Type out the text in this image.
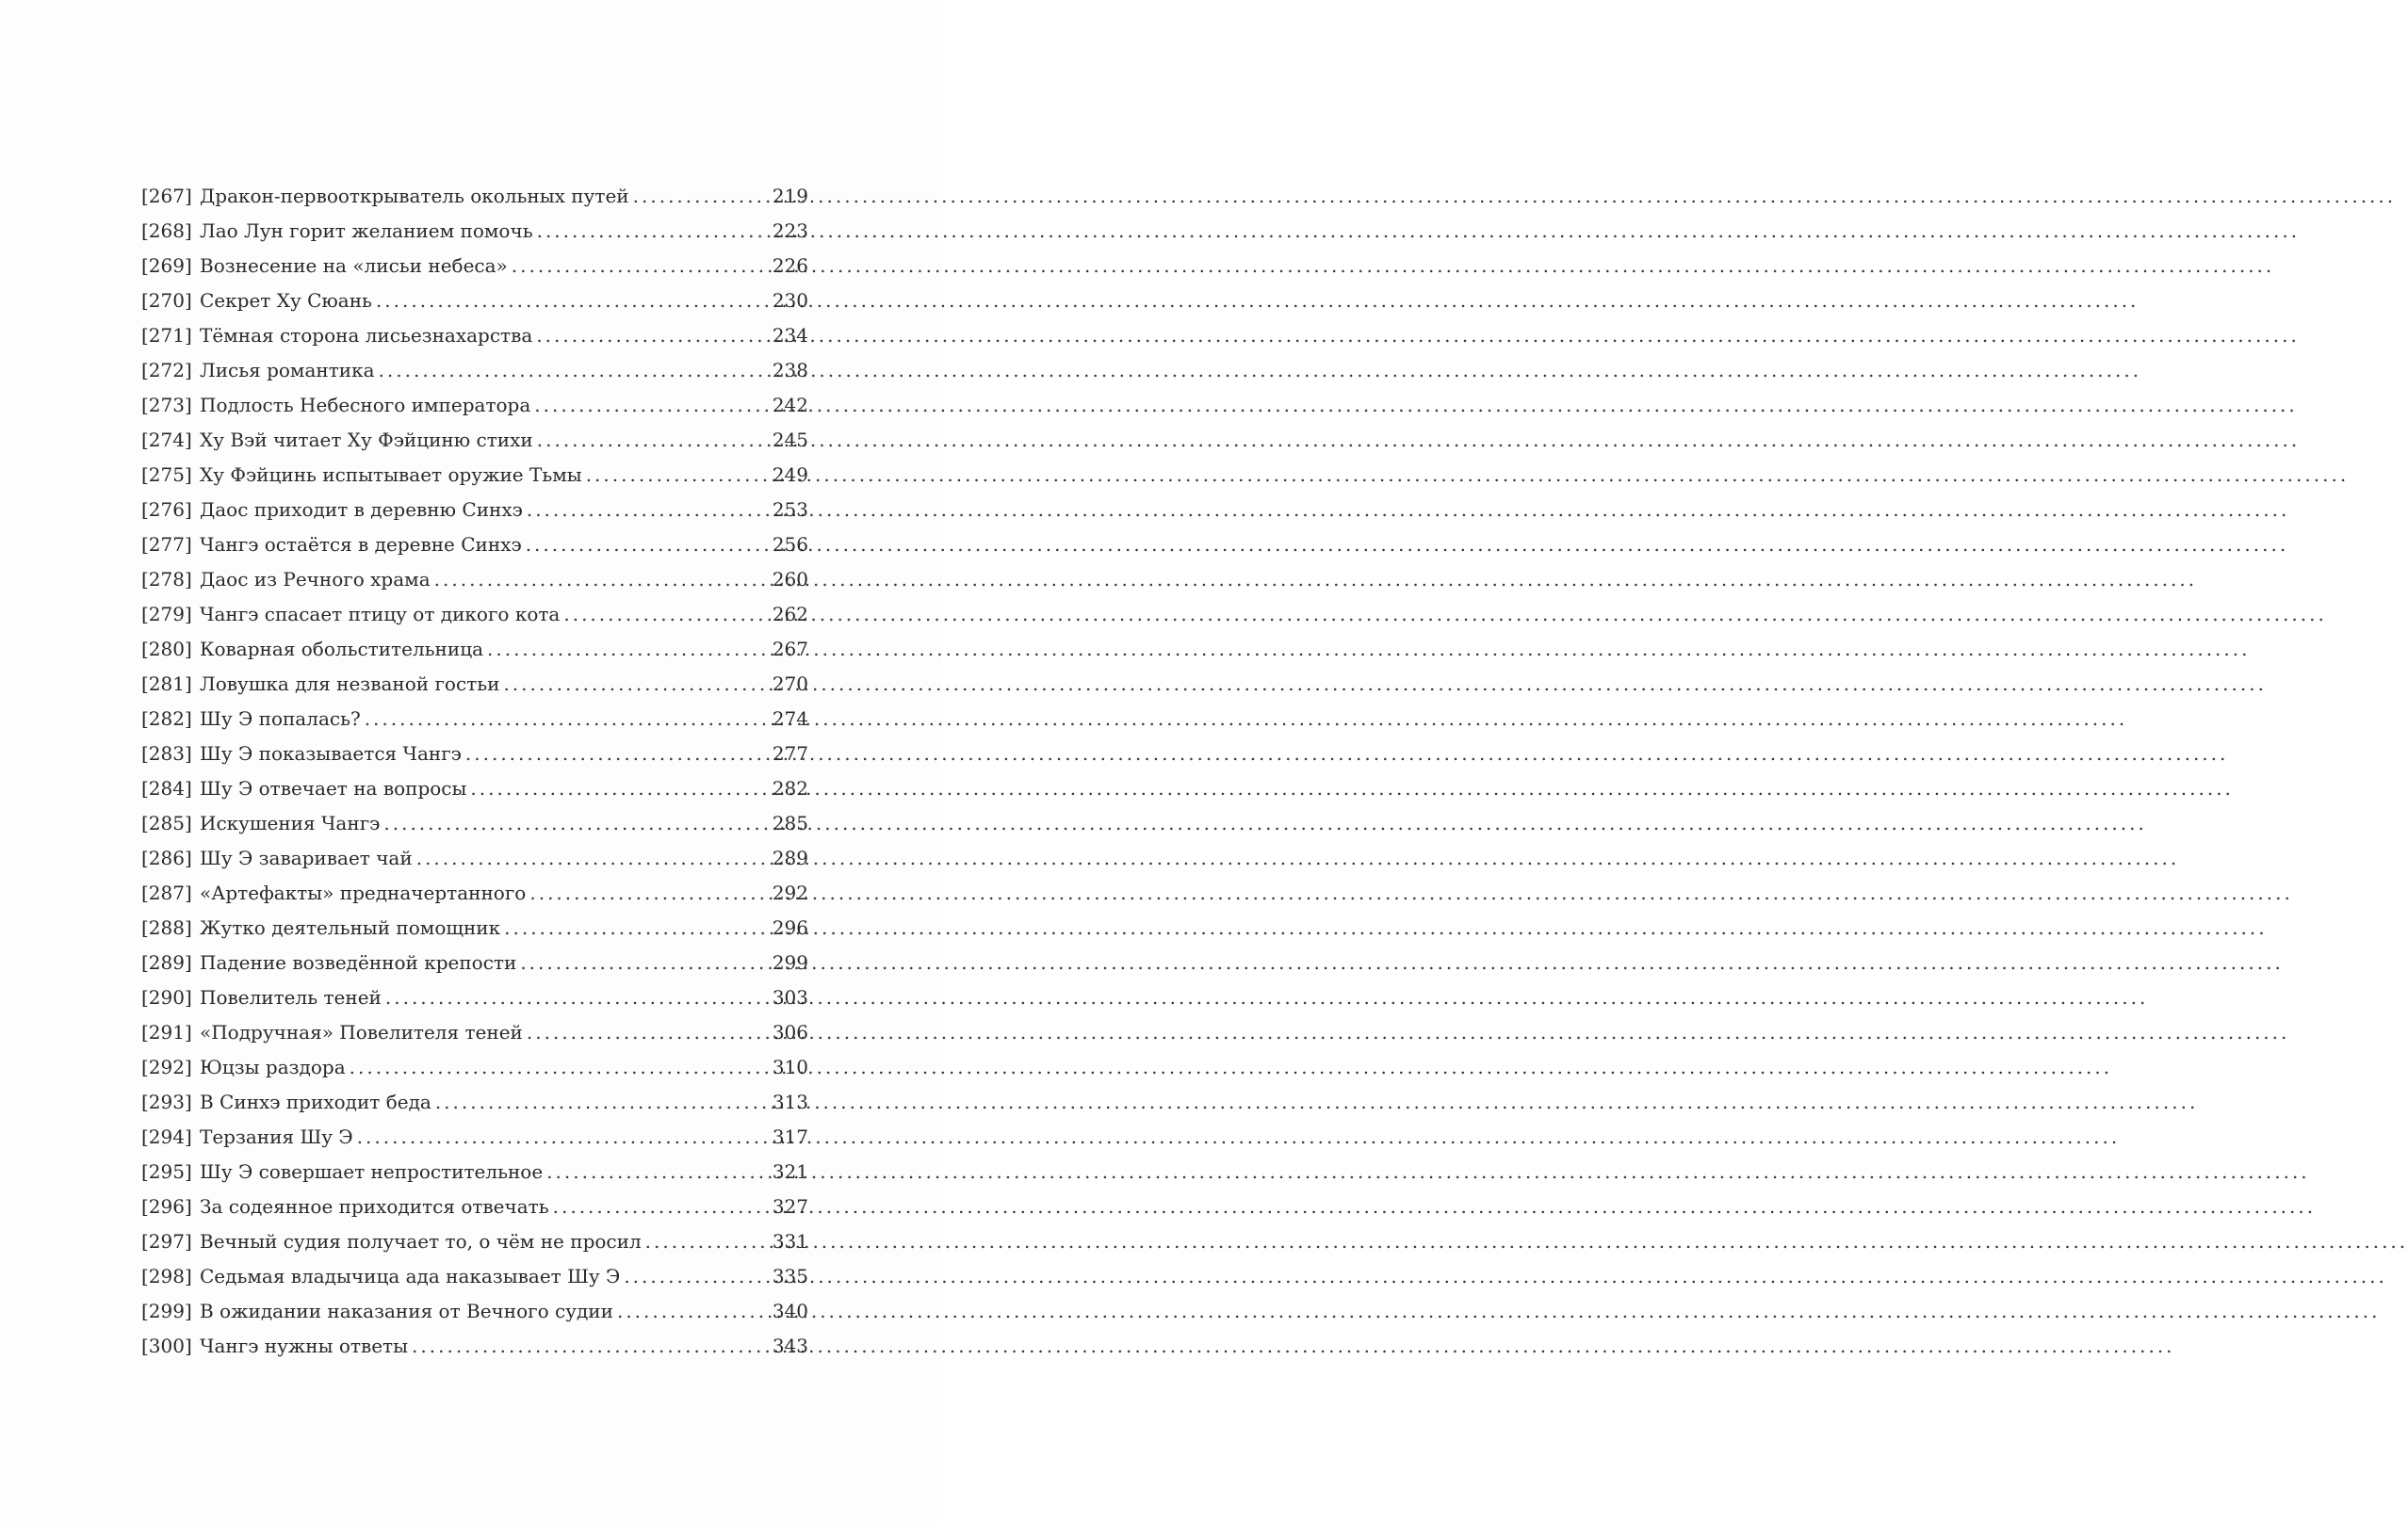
[267] Дракон-первооткрыватель окольных путей .....	219
[268] Лао Лун горит желанием помочь .....	223
[269] Вознесение на «лисьи небеса» .....	226
[270] Секрет Ху Сюань .....	230
[271] Тёмная сторона лисьезнахарства .....	234
[272] Лисья романтика .....	238
[273] Подлость Небесного императора .....	242
[274] Ху Вэй читает Ху Фэйциню стихи .....	245
[275] Ху Фэйцинь испытывает оружие Тьмы .....	249
[276] Даос приходит в деревню Синхэ .....	253
[277] Чангэ остаётся в деревне Синхэ .....	256
[278] Даос из Речного храма .....	260
[279] Чангэ спасает птицу от дикого кота .....	262
[280] Коварная обольстительница .....	267
[281] Ловушка для незваной гостьи .....	270
[282] Шу Э попалась? .....	274
[283] Шу Э показывается Чангэ .....	277
[284] Шу Э отвечает на вопросы .....	282
[285] Искушения Чангэ .....	285
[286] Шу Э заваривает чай .....	289
[287] «Артефакты» предначертанного .....	292
[288] Жутко деятельный помощник .....	296
[289] Падение возведённой крепости .....	299
[290] Повелитель теней .....	303
[291] «Подручная» Повелителя теней .....	306
[292] Юцзы раздора .....	310
[293] В Синхэ приходит беда .....	313
[294] Терзания Шу Э .....	317
[295] Шу Э совершает непростительное .....	321
[296] За содеянное приходится отвечать .....	327
[297] Вечный судия получает то, о чём не просил .....	331
[298] Седьмая владычица ада наказывает Шу Э .....	335
[299] В ожидании наказания от Вечного судии .....	340
[300] Чангэ нужны ответы .....	343
